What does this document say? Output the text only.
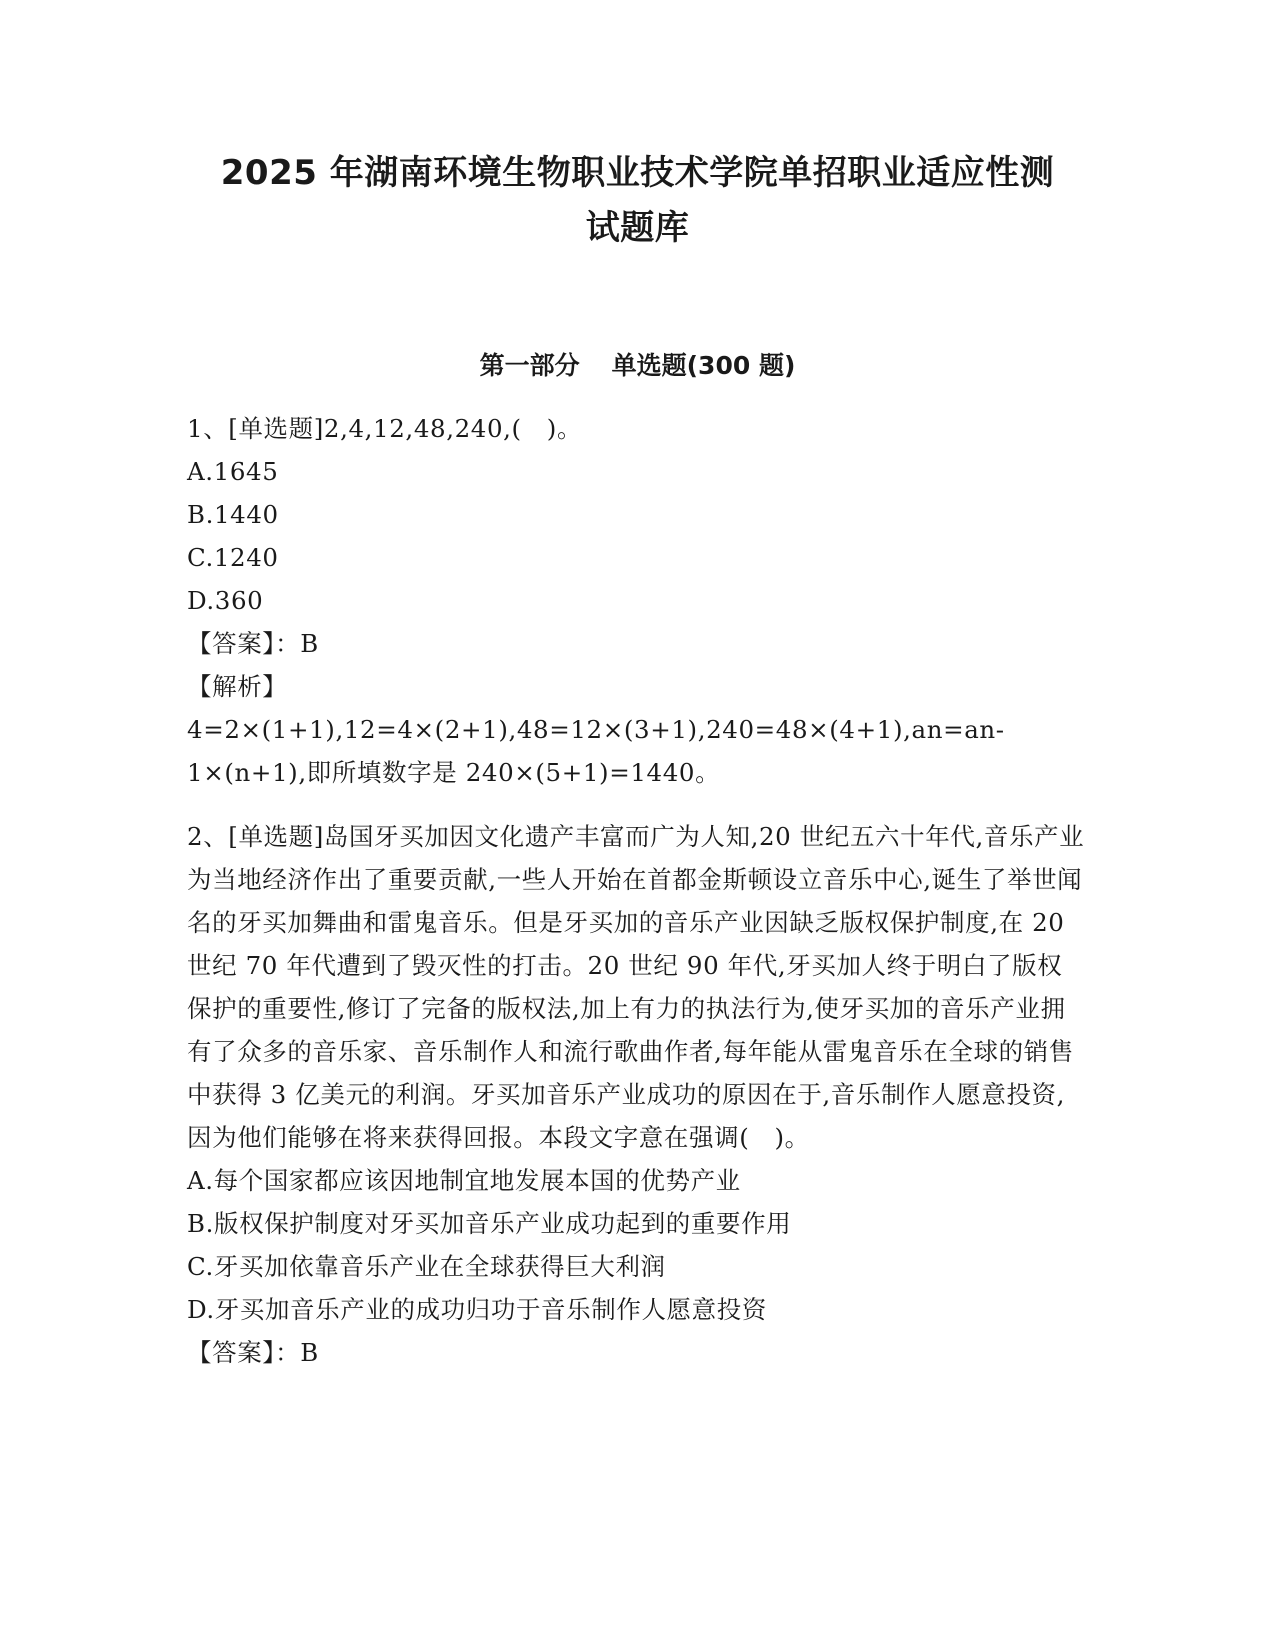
2025 年湖南环境生物职业技术学院单招职业适应性测
试题库
第一部分 单选题(300 题)
1、[单选题]2,4,12,48,240,(　)。
A.1645
B.1440
C.1240
D.360
【答案】：B
【解析】
4=2×(1+1),12=4×(2+1),48=12×(3+1),240=48×(4+1),an=an-
1×(n+1),即所填数字是 240×(5+1)=1440。
2、[单选题]岛国牙买加因文化遗产丰富而广为人知,20 世纪五六十年代,音乐产业为当地经济作出了重要贡献,一些人开始在首都金斯顿设立音乐中心,诞生了举世闻名的牙买加舞曲和雷鬼音乐。但是牙买加的音乐产业因缺乏版权保护制度,在 20 世纪 70 年代遭到了毁灭性的打击。20 世纪 90 年代,牙买加人终于明白了版权保护的重要性,修订了完备的版权法,加上有力的执法行为,使牙买加的音乐产业拥有了众多的音乐家、音乐制作人和流行歌曲作者,每年能从雷鬼音乐在全球的销售中获得 3 亿美元的利润。牙买加音乐产业成功的原因在于,音乐制作人愿意投资,因为他们能够在将来获得回报。本段文字意在强调(　)。
A.每个国家都应该因地制宜地发展本国的优势产业
B.版权保护制度对牙买加音乐产业成功起到的重要作用
C.牙买加依靠音乐产业在全球获得巨大利润
D.牙买加音乐产业的成功归功于音乐制作人愿意投资
【答案】：B
